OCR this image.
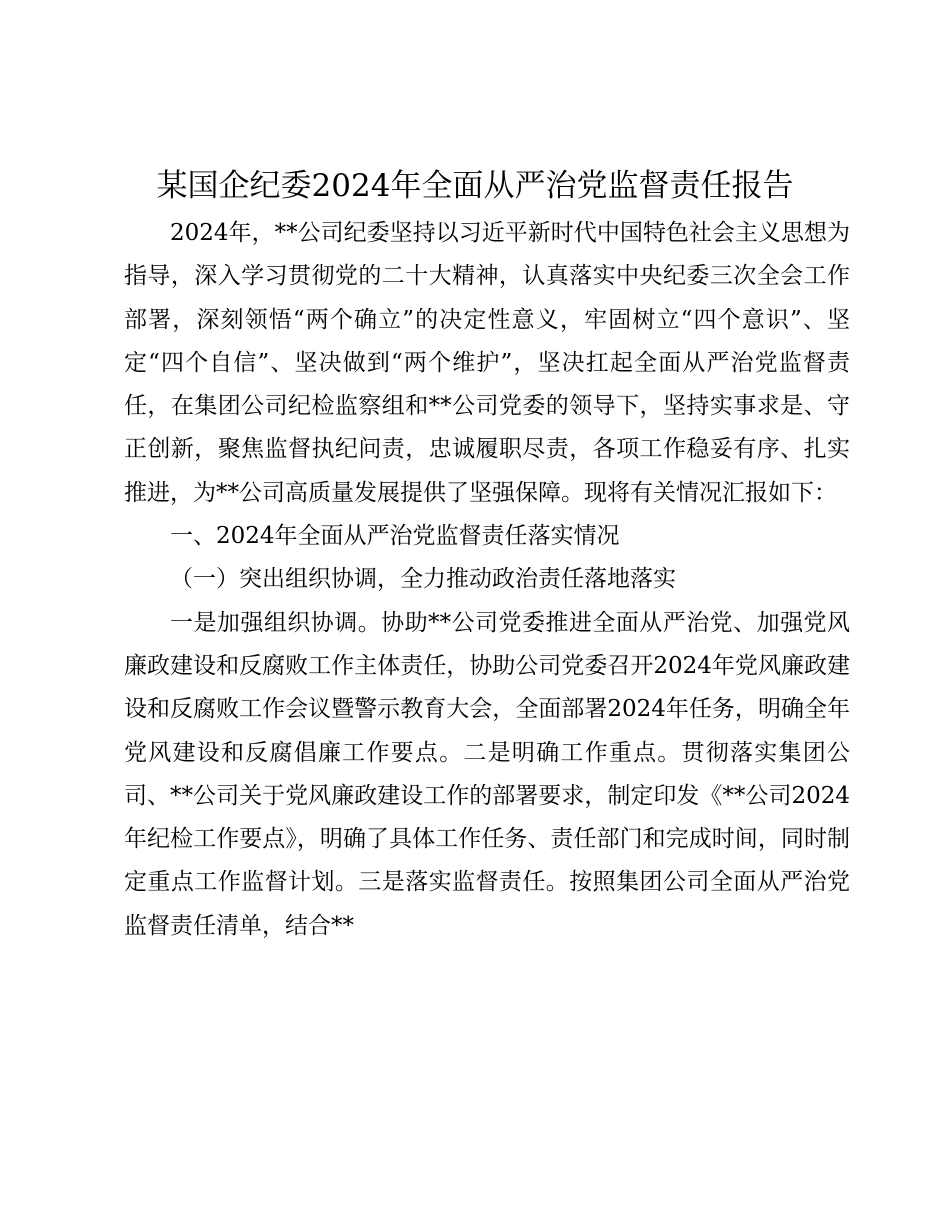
某国企纪委2024年全面从严治党监督责任报告

2024年，**公司纪委坚持以习近平新时代中国特色社会主义思想为指导，深入学习贯彻党的二十大精神，认真落实中央纪委三次全会工作部署，深刻领悟“两个确立”的决定性意义，牢固树立“四个意识”、坚定“四个自信”、坚决做到“两个维护”，坚决扛起全面从严治党监督责任，在集团公司纪检监察组和**公司党委的领导下，坚持实事求是、守正创新，聚焦监督执纪问责，忠诚履职尽责，各项工作稳妥有序、扎实推进，为**公司高质量发展提供了坚强保障。现将有关情况汇报如下：

一、2024年全面从严治党监督责任落实情况

（一）突出组织协调，全力推动政治责任落地落实

一是加强组织协调。协助**公司党委推进全面从严治党、加强党风廉政建设和反腐败工作主体责任，协助公司党委召开2024年党风廉政建设和反腐败工作会议暨警示教育大会，全面部署2024年任务，明确全年党风建设和反腐倡廉工作要点。二是明确工作重点。贯彻落实集团公司、**公司关于党风廉政建设工作的部署要求，制定印发《**公司2024年纪检工作要点》，明确了具体工作任务、责任部门和完成时间，同时制定重点工作监督计划。三是落实监督责任。按照集团公司全面从严治党监督责任清单，结合**
